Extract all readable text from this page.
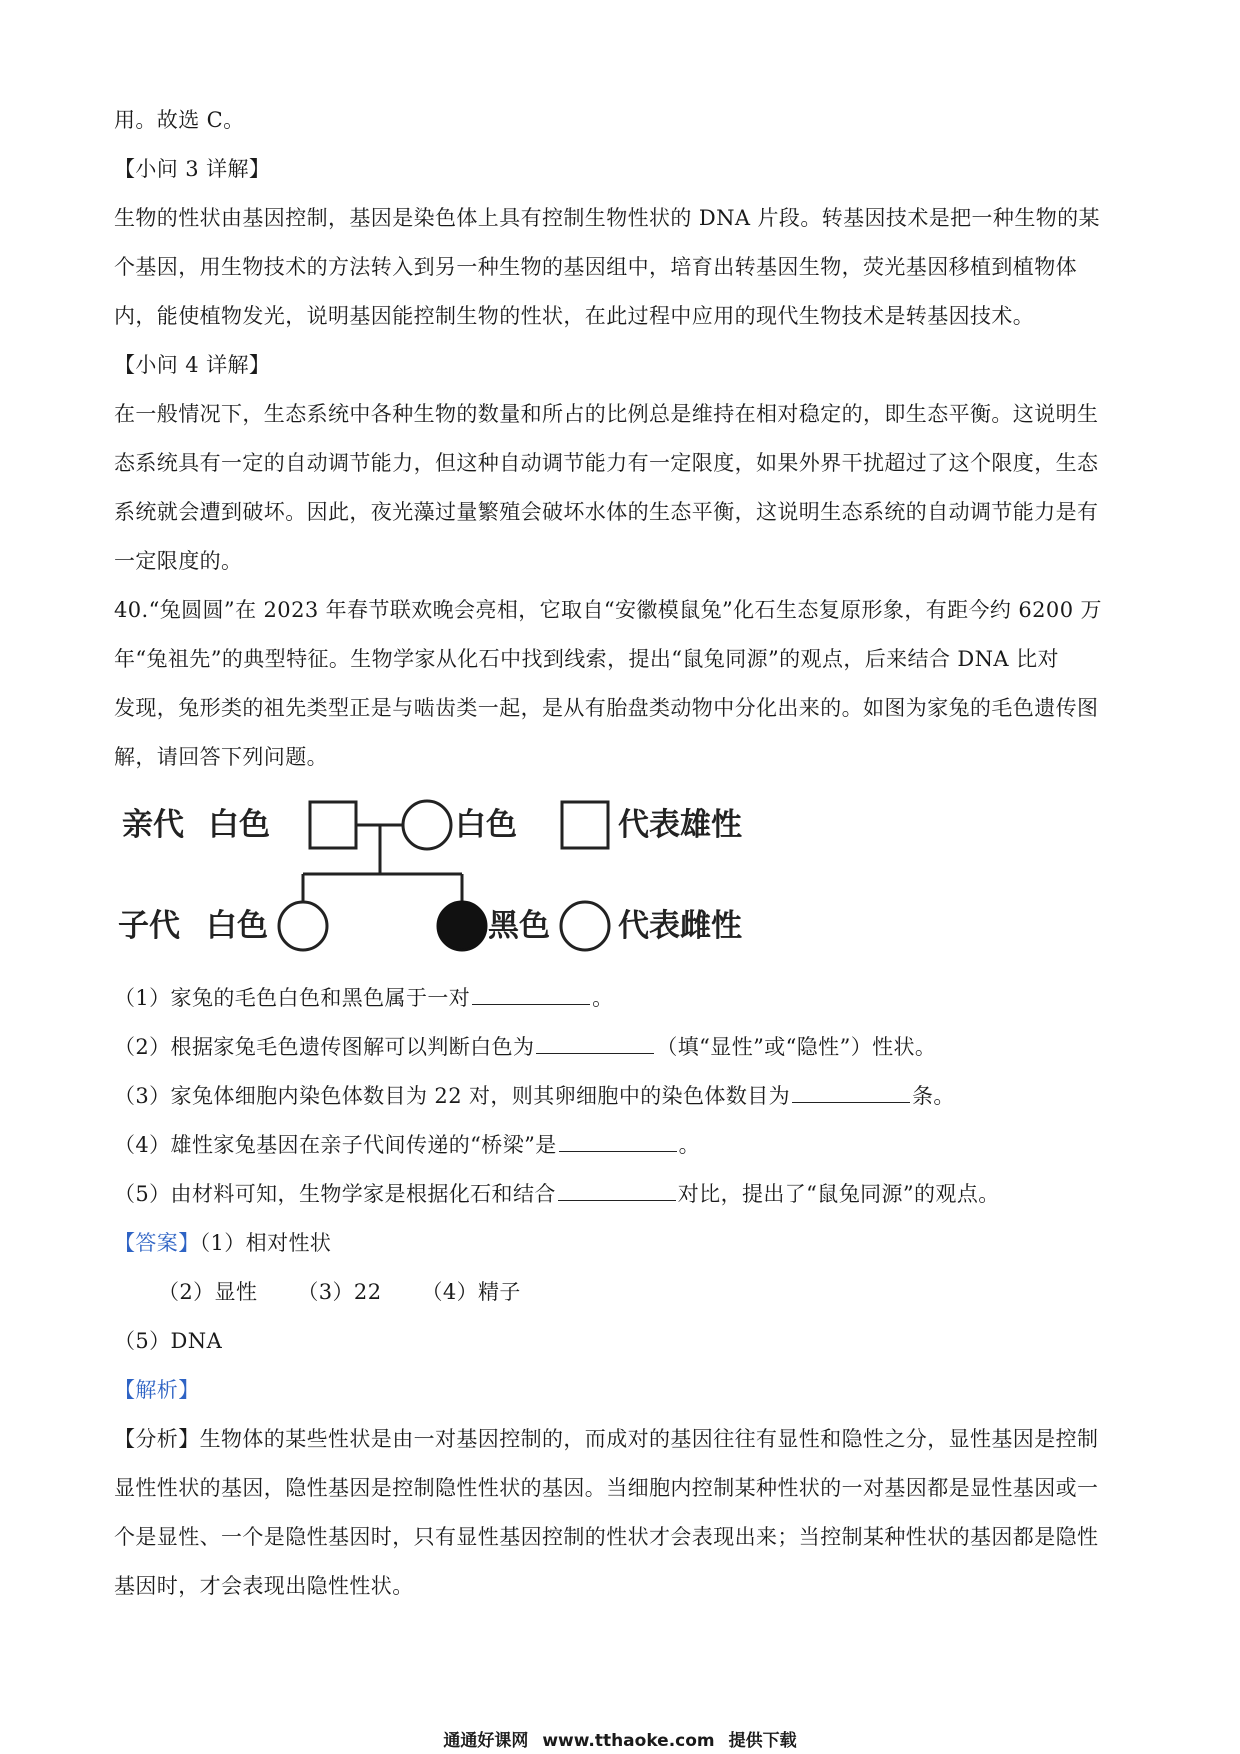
用。故选 C。
【小问 3 详解】
生物的性状由基因控制，基因是染色体上具有控制生物性状的 DNA 片段。转基因技术是把一种生物的某
个基因，用生物技术的方法转入到另一种生物的基因组中，培育出转基因生物，荧光基因移植到植物体
内，能使植物发光，说明基因能控制生物的性状，在此过程中应用的现代生物技术是转基因技术。
【小问 4 详解】
在一般情况下，生态系统中各种生物的数量和所占的比例总是维持在相对稳定的，即生态平衡。这说明生
态系统具有一定的自动调节能力，但这种自动调节能力有一定限度，如果外界干扰超过了这个限度，生态
系统就会遭到破坏。因此，夜光藻过量繁殖会破坏水体的生态平衡，这说明生态系统的自动调节能力是有
一定限度的。
40.“兔圆圆”在 2023 年春节联欢晚会亮相，它取自“安徽模鼠兔”化石生态复原形象，有距今约 6200 万
年“兔祖先”的典型特征。生物学家从化石中找到线索，提出“鼠兔同源”的观点，后来结合 DNA 比对
发现，兔形类的祖先类型正是与啮齿类一起，是从有胎盘类动物中分化出来的。如图为家兔的毛色遗传图
解，请回答下列问题。
亲代 白色	白色	代表雄性
子代 白色	黑色 代表雌性
（1）家兔的毛色白色和黑色属于一对	。
（2）根据家兔毛色遗传图解可以判断白色为	（填“显性”或“隐性”）性状。
（3）家兔体细胞内染色体数目为 22 对，则其卵细胞中的染色体数目为	条。
（4）雄性家兔基因在亲子代间传递的“桥梁”是	。
（5）由材料可知，生物学家是根据化石和结合	对比，提出了“鼠兔同源”的观点。
【答案】（1）相对性状
（2）显性 （3）22 （4）精子
（5）DNA
【解析】
【分析】生物体的某些性状是由一对基因控制的，而成对的基因往往有显性和隐性之分，显性基因是控制
显性性状的基因，隐性基因是控制隐性性状的基因。当细胞内控制某种性状的一对基因都是显性基因或一
个是显性、一个是隐性基因时，只有显性基因控制的性状才会表现出来；当控制某种性状的基因都是隐性
基因时，才会表现出隐性性状。
通通好课网 www.tthaoke.com 提供下载
